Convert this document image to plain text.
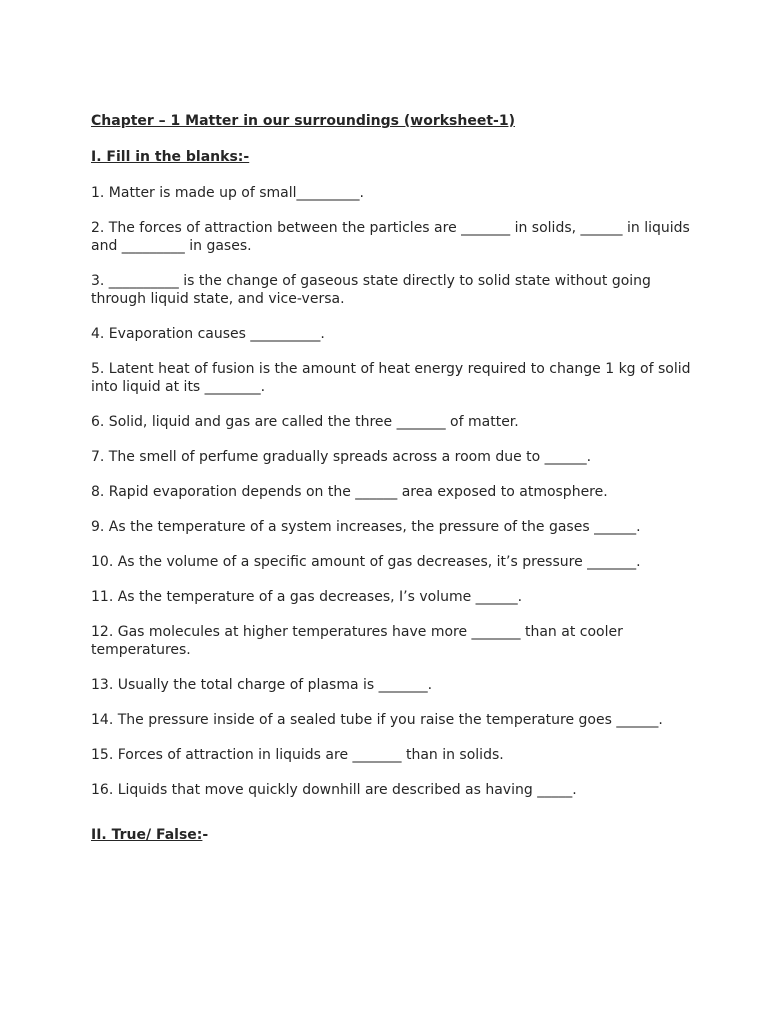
Chapter – 1 Matter in our surroundings (worksheet-1)
I. Fill in the blanks:-
1. Matter is made up of small_________.
2. The forces of attraction between the particles are _______ in solids, ______ in liquids and _________ in gases.
3. __________ is the change of gaseous state directly to solid state without going through liquid state, and vice-versa.
4. Evaporation causes __________.
5. Latent heat of fusion is the amount of heat energy required to change 1 kg of solid into liquid at its ________.
6. Solid, liquid and gas are called the three _______ of matter.
7. The smell of perfume gradually spreads across a room due to ______.
8. Rapid evaporation depends on the ______ area exposed to atmosphere.
9. As the temperature of a system increases, the pressure of the gases ______.
10. As the volume of a specific amount of gas decreases, it’s pressure _______.
11. As the temperature of a gas decreases, I’s volume ______.
12. Gas molecules at higher temperatures have more _______ than at cooler temperatures.
13. Usually the total charge of plasma is _______.
14. The pressure inside of a sealed tube if you raise the temperature goes ______.
15. Forces of attraction in liquids are _______ than in solids.
16. Liquids that move quickly downhill are described as having _____.
II. True/ False:-
